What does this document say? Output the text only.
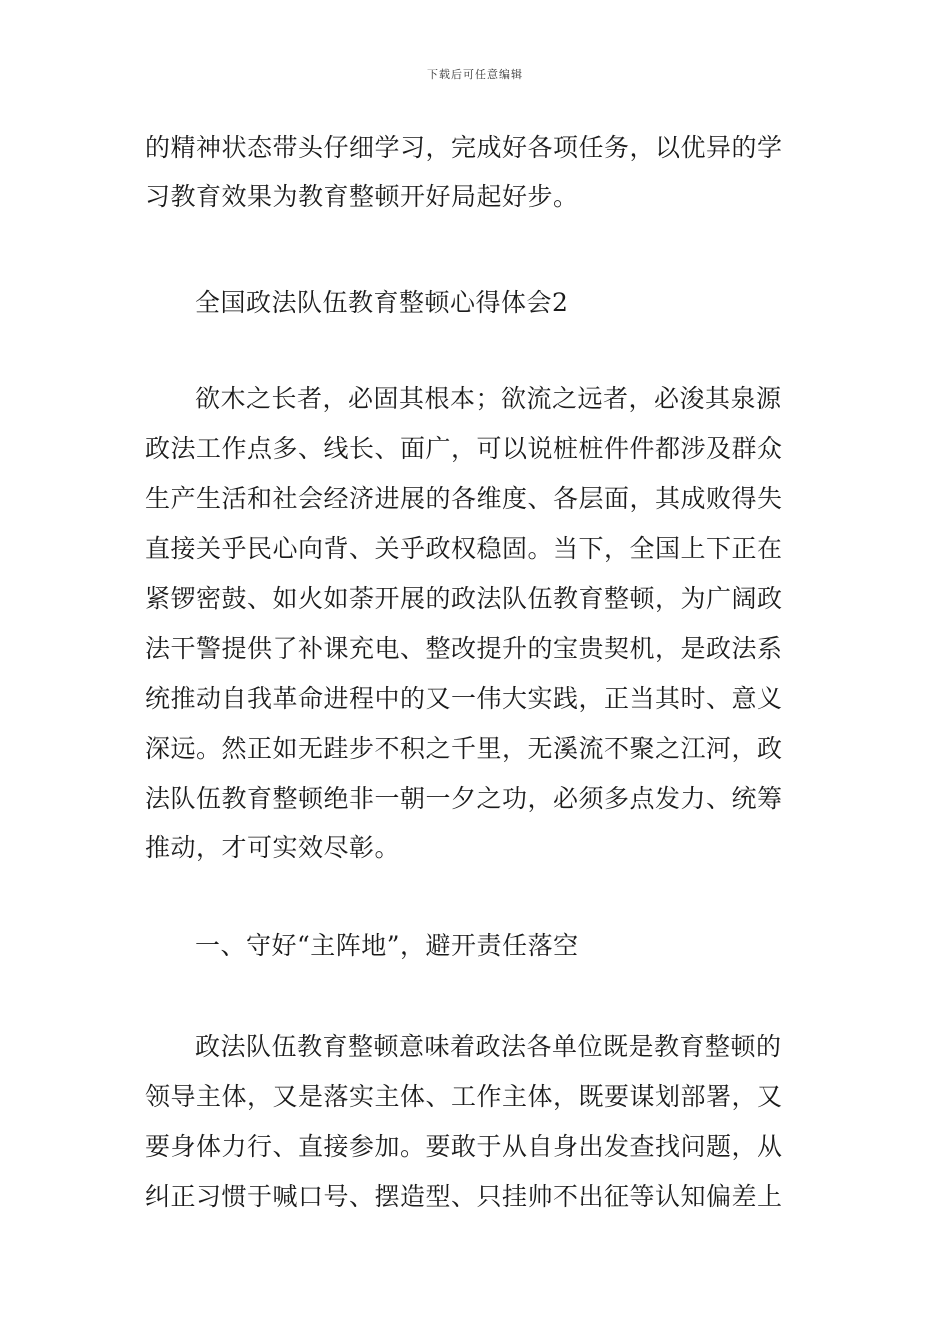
下载后可任意编辑
的精神状态带头仔细学习，完成好各项任务，以优异的学
习教育效果为教育整顿开好局起好步。
全国政法队伍教育整顿心得体会2
欲木之长者，必固其根本；欲流之远者，必浚其泉源
政法工作点多、线长、面广，可以说桩桩件件都涉及群众
生产生活和社会经济进展的各维度、各层面，其成败得失
直接关乎民心向背、关乎政权稳固。当下，全国上下正在
紧锣密鼓、如火如荼开展的政法队伍教育整顿，为广阔政
法干警提供了补课充电、整改提升的宝贵契机，是政法系
统推动自我革命进程中的又一伟大实践，正当其时、意义
深远。然正如无跬步不积之千里，无溪流不聚之江河，政
法队伍教育整顿绝非一朝一夕之功，必须多点发力、统筹
推动，才可实效尽彰。
一、守好“主阵地”，避开责任落空
政法队伍教育整顿意味着政法各单位既是教育整顿的
领导主体，又是落实主体、工作主体，既要谋划部署，又
要身体力行、直接参加。要敢于从自身出发查找问题，从
纠正习惯于喊口号、摆造型、只挂帅不出征等认知偏差上
